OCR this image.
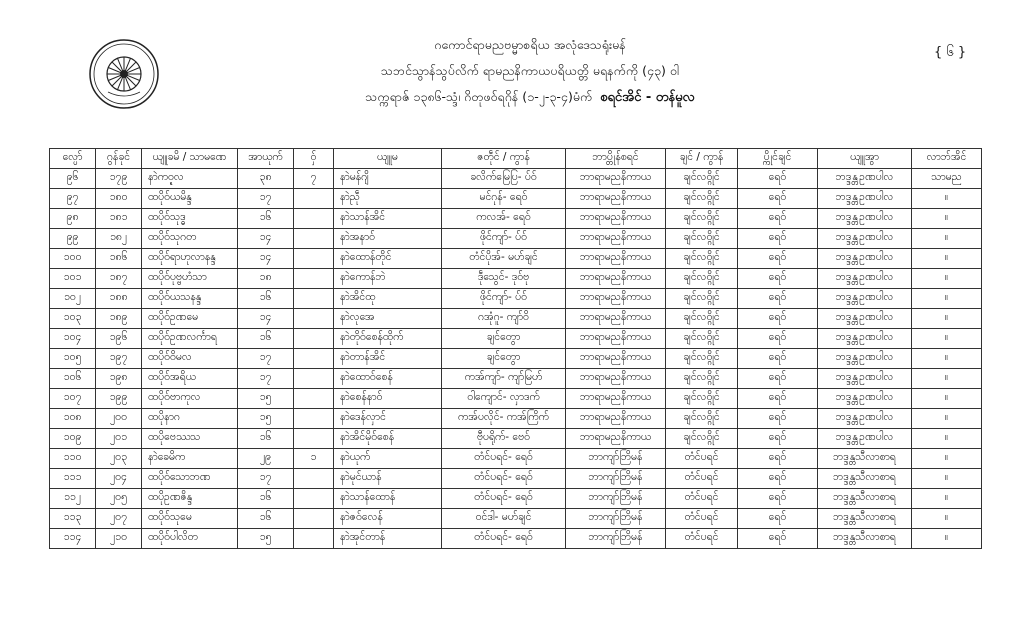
ဂကောင်ရာမညဗမ္မာစရိယ အလုံဒေသရုံးမန်
သဘင်သွာန်သွပ်လိက် ရာမညနိကာယပရိယတ္တိ မရနက်ကို (၄၃) ဝါ
သက္ကရာဇ် ၁၃၈၆-သ္ဒံ၊ ဂိတုဖဝ်ရဂိုန် (၁-၂-၃-၄)မံက် စရင်အိင် - တန်မူလ
{ ၆ }
လ္ပော်	ဂွန်ခုင်	ယျူခမိ / သာမဏေ	အာယုက်	ဝှ်	ယျူမ	ဇတဵုင် / ကွာန်	ဘာပ္တိုန်စရင်	ချင် / ကွာန်	ပ္ကိုင်ချင်	ယျူအွာ	လာဘ်အိင်
၉၆	၁၇၉	နာဲကဝ္ဍလ	၃၈	၇	နာဲမန်ဂျိ	ခလိက်မြေပြ- ပ်ဝ်	ဘာရာမညနိကာယ	ချင်လဝ္ဂိုင်	ရေဝ်	ဘဒ္ဒန္တဥဏပါလ	သာမည
၉၇	၁၈၀	ထပိုဝ်ယမိန္ဒ	၁၇		နာဲညဵု	မင်ဂုန်- ရေဝ်	ဘာရာမညနိကာယ	ချင်လဝ္ဂိုင်	ရေဝ်	ဘဒ္ဒန္တဥဏပါလ	။
၉၈	၁၈၁	ထပိုဝ်သုဒ္ဓ	၁၆		နာဲသာန်အိင်	ကလအ်- ရေဝ်	ဘာရာမညနိကာယ	ချင်လဝ္ဂိုင်	ရေဝ်	ဘဒ္ဒန္တဥဏပါလ	။
၉၉	၁၈၂	ထပိုဝ်သုဂတ	၁၄		နာဲအနာဝ်	ဖိုင်ကျာ်- ပ်ဝ်	ဘာရာမညနိကာယ	ချင်လဝ္ဂိုင်	ရေဝ်	ဘဒ္ဒန္တဥဏပါလ	။
၁၀၀	၁၈၆	ထပိုဝ်ရာဟုလာနန္ဒ	၁၄		နာဲထောန်တိုင်	တံင်ပိုအ်- မဟ်ချင်	ဘာရာမညနိကာယ	ချင်လဝ္ဂိုင်	ရေဝ်	ဘဒ္ဒန္တဥဏပါလ	။
၁၀၁	၁၈၇	ထပိုဝ်ပုဗ္ဗဟံသာ	၁၈		နာဲကောန်ဘဲ	ဒဵုသွေင်- ဒုဝ်ဗု	ဘာရာမညနိကာယ	ချင်လဝ္ဂိုင်	ရေဝ်	ဘဒ္ဒန္တဥဏပါလ	။
၁၀၂	၁၈၈	ထပိုဝ်ယသနန္ဒ	၁၆		နာဲအိင်ထု	ဖိုင်ကျာ်- ပ်ဝ်	ဘာရာမညနိကာယ	ချင်လဝ္ဂိုင်	ရေဝ်	ဘဒ္ဒန္တဥဏပါလ	။
၁၀၃	၁၈၉	ထပိုဝ်ဥဏမေ	၁၄		နာဲလုအေ	ဂအုံဂူ- ကျာ်ဝိ	ဘာရာမညနိကာယ	ချင်လဝ္ဂိုင်	ရေဝ်	ဘဒ္ဒန္တဥဏပါလ	။
၁၀၄	၁၉၆	ထပိုဝ်ဥဏလင်္ကာရ	၁၆		နာဲတိုဝ်စေန်ထိုက်	ချင်တွော	ဘာရာမညနိကာယ	ချင်လဝ္ဂိုင်	ရေဝ်	ဘဒ္ဒန္တဥဏပါလ	။
၁၀၅	၁၉၇	ထပိုဝ်ဝိမလ	၁၇		နာဲတာန်အိင်	ချင်တွော	ဘာရာမညနိကာယ	ချင်လဝ္ဂိုင်	ရေဝ်	ဘဒ္ဒန္တဥဏပါလ	။
၁၀၆	၁၉၈	ထပိုဝ်အရိယ	၁၇		နာဲထောဝ်စေန်	ကအ်ကျာ်- ကျာ်မြဟ်	ဘာရာမညနိကာယ	ချင်လဝ္ဂိုင်	ရေဝ်	ဘဒ္ဒန္တဥဏပါလ	။
၁၀၇	၁၉၉	ထပိုဝ်ဗာကုလ	၁၅		နာဲစေန်နာဝ်	ဝါကျောင်- လှာဒက်	ဘာရာမညနိကာယ	ချင်လဝ္ဂိုင်	ရေဝ်	ဘဒ္ဒန္တဥဏပါလ	။
၁၀၈	၂၀၀	ထပိုနာဂ	၁၅		နာဲဒေန်လှာင်	ကအ်ပလိုင်- ကအ်ကြိက်	ဘာရာမညနိကာယ	ချင်လဝ္ဂိုင်	ရေဝ်	ဘဒ္ဒန္တဥဏပါလ	။
၁၀၉	၂၀၁	ထပိုဗေဿသ	၁၆		နာဲအိင်မိုဝ်စေန်	ဗီုပရိုက်- ဗေဝ်	ဘာရာမညနိကာယ	ချင်လဝ္ဂိုင်	ရေဝ်	ဘဒ္ဒန္တဥဏပါလ	။
၁၁၀	၂၀၃	နာဲခေမိက	၂၉	၁	နာဲယုက်	တံင်ပရင်- ရေဝ်	ဘာကျာ်ဘြိမန်	တံင်ပရင်	ရေဝ်	ဘဒ္ဒန္တသီလာစာရ	။
၁၁၁	၂၀၄	ထပိုဝ်သောဘဏ	၁၇		နာဲမုင်ယာန်	တံင်ပရင်- ရေဝ်	ဘာကျာ်ဘြိမန်	တံင်ပရင်	ရေဝ်	ဘဒ္ဒန္တသီလာစာရ	။
၁၁၂	၂၀၅	ထပိုဥဏဇိန္ဒ	၁၆		နာဲသာန်ထောန်	တံင်ပရင်- ရေဝ်	ဘာကျာ်ဘြိမန်	တံင်ပရင်	ရေဝ်	ဘဒ္ဒန္တသီလာစာရ	။
၁၁၃	၂၀၇	ထပိုဝ်သုမေ	၁၆		နာဲဇဝ်လေန်	ဝင်ဒါ- မဟ်ချင်	ဘာကျာ်ဘြိမန်	တံင်ပရင်	ရေဝ်	ဘဒ္ဒန္တသီလာစာရ	။
၁၁၄	၂၁၀	ထပိုဝ်ပါလိတ	၁၅		နာဲအုင်တာန်	တံင်ပရင်- ရေဝ်	ဘာကျာ်ဘြိမန်	တံင်ပရင်	ရေဝ်	ဘဒ္ဒန္တသီလာစာရ	။
